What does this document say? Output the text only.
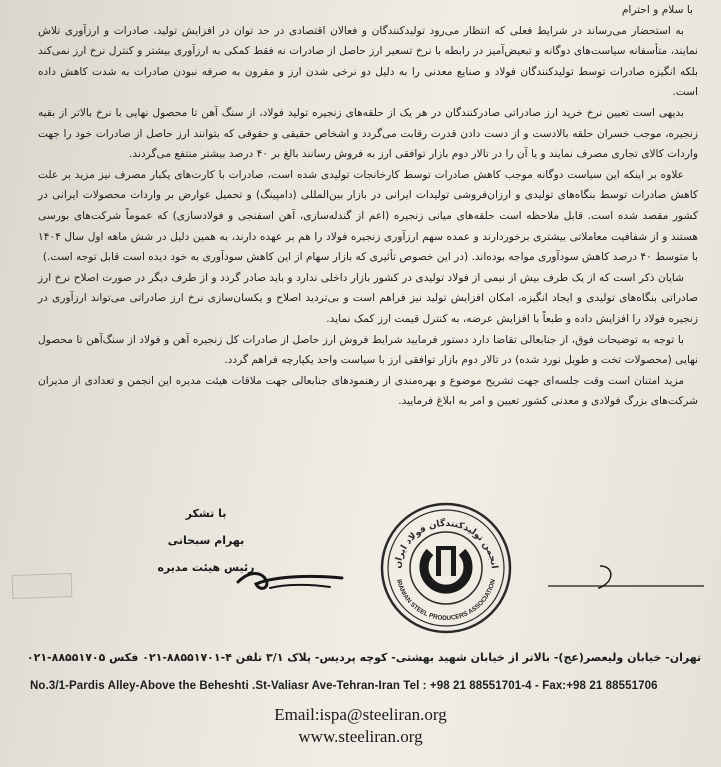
با سلام و احترام

به استحضار می‌رساند در شرایط فعلی که انتظار می‌رود تولیدکنندگان و فعالان اقتصادی در حد توان در افزایش تولید، صادرات و ارزآوری تلاش نمایند، متأسفانه سیاست‌های دوگانه و تبعیض‌آمیز در رابطه با نرخ تسعیر ارز حاصل از صادرات نه فقط کمکی به ارزآوری بیشتر و کنترل نرخ ارز نمی‌کند بلکه انگیزه صادرات توسط تولیدکنندگان فولاد و صنایع معدنی را به دلیل دو نرخی شدن ارز و مقرون به صرفه نبودن صادرات به شدت کاهش داده است.

بدیهی است تعیین نرخ خرید ارز صادراتی صادرکنندگان در هر یک از حلقه‌های زنجیره تولید فولاد، از سنگ آهن تا محصول نهایی با نرخ بالاتر از بقیه زنجیره، موجب خسران حلقه بالادست و از دست دادن قدرت رقابت می‌گردد و اشخاص حقیقی و حقوقی که بتوانند ارز حاصل از صادرات خود را جهت واردات کالای تجاری مصرف نمایند و یا آن را در تالار دوم بازار توافقی ارز به فروش رسانند بالغ بر ۴۰ درصد بیشتر منتفع می‌گردند.

علاوه بر اینکه این سیاست دوگانه موجب کاهش صادرات توسط کارخانجات تولیدی شده است، صادرات با کارت‌های یکبار مصرف نیز مزید بر علت کاهش صادرات توسط بنگاه‌های تولیدی و ارزان‌فروشی تولیدات ایرانی در بازار بین‌المللی (دامپینگ) و تحمیل عوارض بر واردات محصولات ایرانی در کشور مقصد شده است. قابل ملاحظه است حلقه‌های میانی زنجیره (اعم از گندله‌سازی، آهن اسفنجی و فولادسازی) که عموماً شرکت‌های بورسی هستند و از شفافیت معاملاتی بیشتری برخوردارند و عمده سهم ارزآوری زنجیره فولاد را هم بر عهده دارند، به همین دلیل در شش ماهه اول سال ۱۴۰۴ با متوسط ۴۰ درصد کاهش سودآوری مواجه بوده‌اند. (در این خصوص تأثیری که بازار سهام از این کاهش سودآوری به خود دیده است قابل توجه است.)

شایان ذکر است که از یک طرف بیش از نیمی از فولاد تولیدی در کشور بازار داخلی ندارد و باید صادر گردد و از طرف دیگر در صورت اصلاح نرخ ارز صادراتی بنگاه‌های تولیدی و ایجاد انگیزه، امکان افزایش تولید نیز فراهم است و بی‌تردید اصلاح و یکسان‌سازی نرخ ارز صادراتی می‌تواند ارزآوری در زنجیره فولاد را افزایش داده و طبعاً با افزایش عرضه، به کنترل قیمت ارز کمک نماید.

با توجه به توضیحات فوق، از جنابعالی تقاضا دارد دستور فرمایید شرایط فروش ارز حاصل از صادرات کل زنجیره آهن و فولاد از سنگ‌آهن تا محصول نهایی (محصولات تخت و طویل نورد شده) در تالار دوم بازار توافقی ارز با سیاست واحد یکپارچه فراهم گردد.

مزید امتنان است وقت جلسه‌ای جهت تشریح موضوع و بهره‌مندی از رهنمودهای جنابعالی جهت ملاقات هیئت مدیره این انجمن و تعدادی از مدیران شرکت‌های بزرگ فولادی و معدنی کشور تعیین و امر به ابلاغ فرمایید.

با تشکر
بهرام سبحانی
رئیس هیئت مدیره	انجمن تولیدکنندگان فولاد ایران
IRANIAN STEEL PRODUCERS ASSOCIATION
۲
تهران- خیابان ولیعصر(عج)- بالاتر از خیابان شهید بهشتی- کوچه پردیس- پلاک ۳/۱ تلفن ۴-۸۸۵۵۱۷۰۱-۰۲۱ فکس ۸۸۵۵۱۷۰۵-۰۲۱
No.3/1-Pardis Alley-Above the Beheshti .St-Valiasr Ave-Tehran-Iran Tel : +98 21 88551701-4 - Fax:+98 21 88551706
Email:ispa@steeliran.org
www.steeliran.org
